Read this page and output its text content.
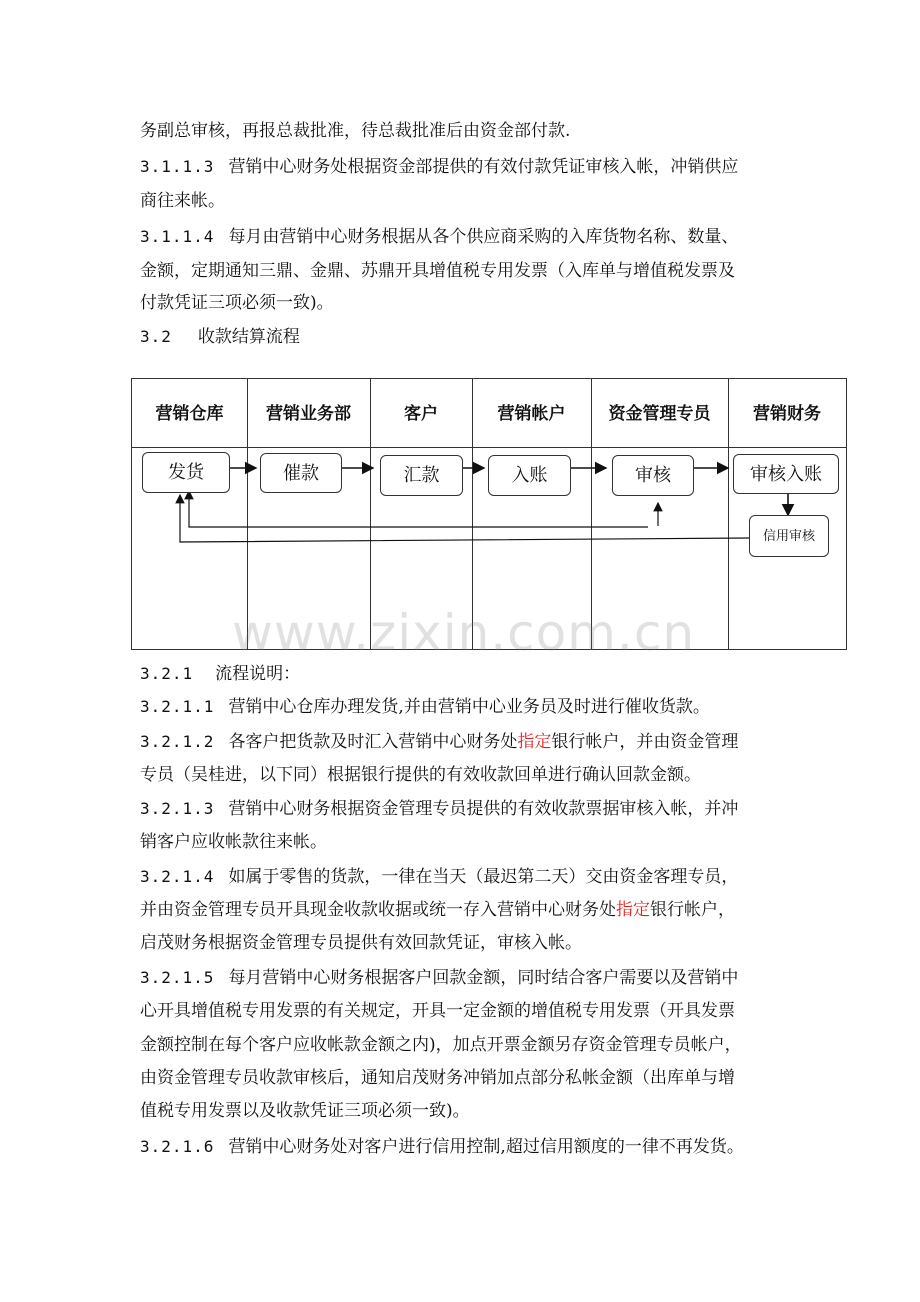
务副总审核，再报总裁批准，待总裁批准后由资金部付款.
3.1.1.3 营销中心财务处根据资金部提供的有效付款凭证审核入帐，冲销供应
商往来帐。
3.1.1.4 每月由营销中心财务根据从各个供应商采购的入库货物名称、数量、
金额，定期通知三鼎、金鼎、苏鼎开具增值税专用发票（入库单与增值税发票及
付款凭证三项必须一致)。
3.2 收款结算流程
营销仓库	营销业务部	客户	营销帐户	资金管理专员	营销财务
发货	催款	汇款	入账	审核	审核入账
信用审核
3.2.1 流程说明：
3.2.1.1 营销中心仓库办理发货,并由营销中心业务员及时进行催收货款。
3.2.1.2 各客户把货款及时汇入营销中心财务处指定银行帐户，并由资金管理
专员（吴桂进，以下同）根据银行提供的有效收款回单进行确认回款金额。
3.2.1.3 营销中心财务根据资金管理专员提供的有效收款票据审核入帐，并冲
销客户应收帐款往来帐。
3.2.1.4 如属于零售的货款，一律在当天（最迟第二天）交由资金客理专员，
并由资金管理专员开具现金收款收据或统一存入营销中心财务处指定银行帐户，
启茂财务根据资金管理专员提供有效回款凭证，审核入帐。
3.2.1.5 每月营销中心财务根据客户回款金额，同时结合客户需要以及营销中
心开具增值税专用发票的有关规定，开具一定金额的增值税专用发票（开具发票
金额控制在每个客户应收帐款金额之内)，加点开票金额另存资金管理专员帐户，
由资金管理专员收款审核后，通知启茂财务冲销加点部分私帐金额（出库单与增
值税专用发票以及收款凭证三项必须一致)。
3.2.1.6 营销中心财务处对客户进行信用控制,超过信用额度的一律不再发货。
www.zixin.com.cn
